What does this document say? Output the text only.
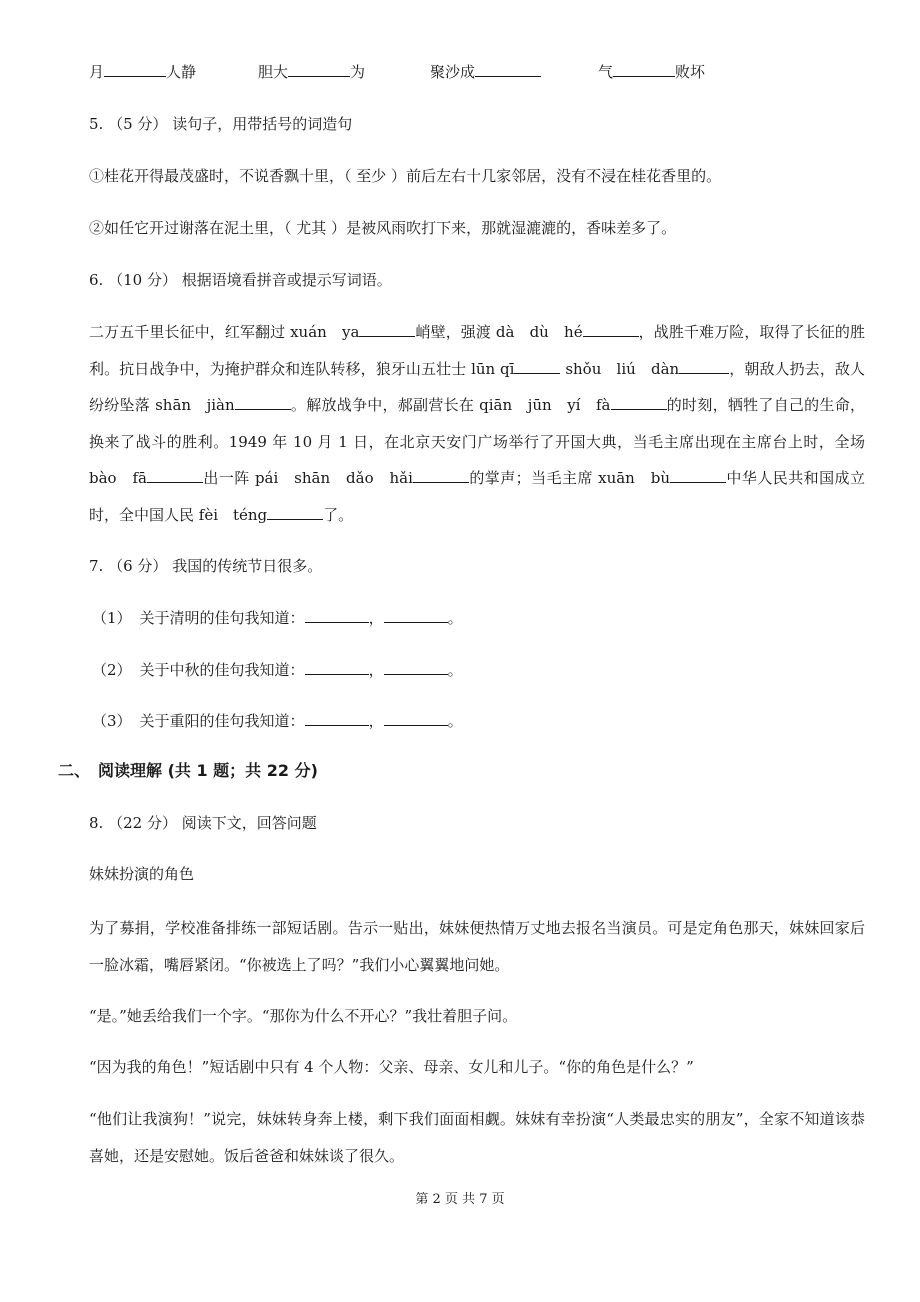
月	人静	胆大	为	聚沙成	气	败坏
5. （5 分） 读句子，用带括号的词造句
①桂花开得最茂盛时，不说香飘十里，（ 至少 ）前后左右十几家邻居，没有不浸在桂花香里的。
②如任它开过谢落在泥土里，（ 尤其 ）是被风雨吹打下来，那就湿漉漉的，香味差多了。
6. （10 分） 根据语境看拼音或提示写词语。
二万五千里长征中，红军翻过 xuán　ya	峭壁，强渡 dà　dù　hé	，战胜千难万险，取得了长征的胜利。抗日战争中，为掩护群众和连队转移，狼牙山五壮士 lūn qī	shǒu　liú　dàn	，朝敌人扔去，敌人纷纷坠落 shān　jiàn	。解放战争中，郝副营长在 qiān　jūn　yí　fà	的时刻，牺牲了自己的生命，换来了战斗的胜利。1949 年 10 月 1 日，在北京天安门广场举行了开国大典，当毛主席出现在主席台上时，全场 bào　fā	出一阵 pái　shān　dǎo　hǎi	的掌声；当毛主席 xuān　bù	中华人民共和国成立时，全中国人民 fèi　téng	了。
7. （6 分） 我国的传统节日很多。
（1） 关于清明的佳句我知道：	，	。
（2） 关于中秋的佳句我知道：	，	。
（3） 关于重阳的佳句我知道：	，	。
二、　阅读理解 (共 1 题；共 22 分)
8. （22 分） 阅读下文，回答问题
妹妹扮演的角色
为了募捐，学校准备排练一部短话剧。告示一贴出，妹妹便热情万丈地去报名当演员。可是定角色那天，妹妹回家后一脸冰霜，嘴唇紧闭。“你被选上了吗？”我们小心翼翼地问她。
“是。”她丢给我们一个字。“那你为什么不开心？”我壮着胆子问。
“因为我的角色！”短话剧中只有 4 个人物：父亲、母亲、女儿和儿子。“你的角色是什么？”
“他们让我演狗！”说完，妹妹转身奔上楼，剩下我们面面相觑。妹妹有幸扮演“人类最忠实的朋友”，全家不知道该恭喜她，还是安慰她。饭后爸爸和妹妹谈了很久。
第 2 页 共 7 页
